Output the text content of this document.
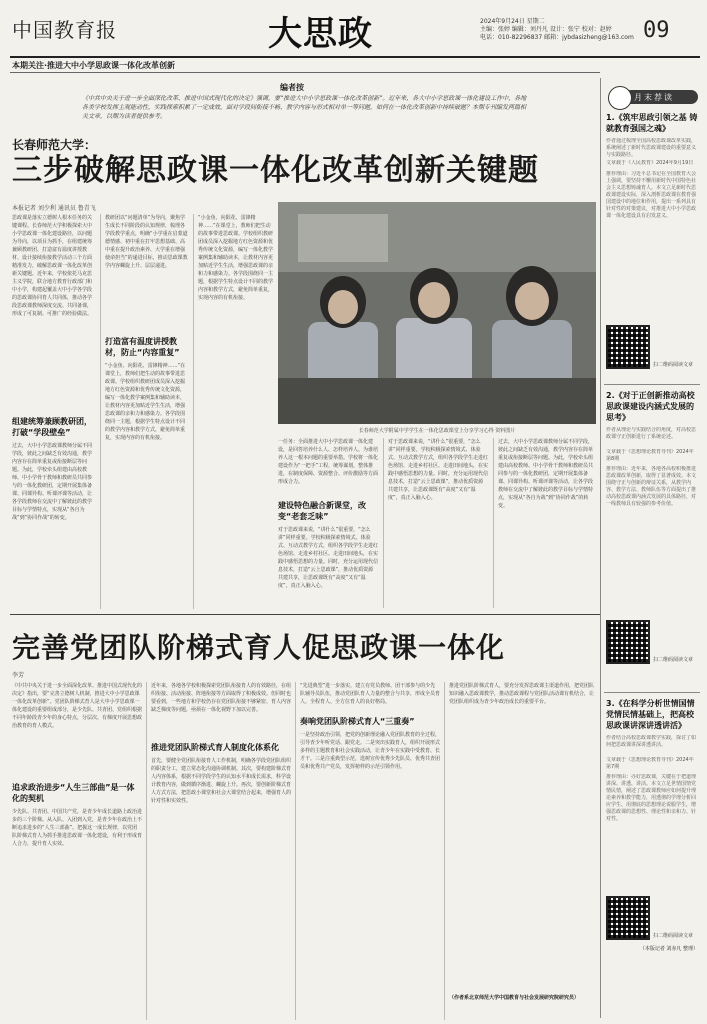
中国教育报	大思政	2024年9月24日 星期二
主编：张婷 编辑：刘丹凡 设计：张宁 校对：赵婷
电话：010-82296837 邮箱：jybdasizheng@163.com 09
本期关注·推进大中小学思政课一体化改革创新
编者按
《中共中央关于进一步全面深化改革、推进中国式现代化的决定》强调，要“推进大中小学思政课一体化改革创新”。近年来，各大中小学思政课一体化建设工作中，各地各类学校发挥主观能动性，实践探索积累了一定成效，面对学段间衔接不畅、教学内容与形式相对单一等问题，如何在一体化改革创新中持续破题？本期专刊编发两篇相关文章，以期为读者提供参考。
长春师范大学：
三步破解思政课一体化改革创新关键题
本报记者 刘少利 通讯员 鲁青飞
思政课是落实立德树人根本任务的关键课程。长春师范大学积极探索大中小学思政课一体化建设路径，以问题为导向，以项目为抓手，在组建统筹兼顾教研团、打造富有温度讲授教材、设计接续衔接教学活动三个方面精准发力，破解思政课一体化改革创新关键题。近年来，学校依托马克思主义学院，联合地方教育行政部门和中小学，构建起覆盖大中小学各学段的思政课协同育人共同体，推动各学段思政课教师深度交流、共同备课，形成了可复制、可推广的经验做法。
组建统筹兼顾教研团，打破“学段壁垒”
过去，大中小学思政课教师分属不同学段，彼此之间缺乏有效沟通，教学内容存在简单重复或衔接断层等问题。为此，学校牵头组建由高校教师、中小学骨干教师和教研员共同参与的一体化教研团，定期开展集体备课、同课异构、听课评课等活动，让各学段教师在交流中了解彼此的教学目标与学情特点，实现从“各自为战”到“协同作战”的转变。
教研团以“问题清单”为导向，聚焦学生成长不同阶段的认知规律，梳理各学段教学重点，明确“小学重在启蒙道德情感、初中重在打牢思想基础、高中重在提升政治素养、大学重在增强使命担当”的递进目标，推动思政课教学内容螺旋上升、层层递进。
打造富有温度讲授教材，防止“内容重复”
“小金鱼、向阳花、雷锋精神……”在课堂上，教师们把生动的故事带进思政课。学校组织教研团成员深入挖掘地方红色资源和优秀传统文化资源，编写一体化教学案例集和辅助读本，让教材内容更加贴近学生生活，增强思政课的亲和力和感染力。各学段围绕同一主题，根据学生特点设计不同的教学内容和教学方式，避免简单重复，实现内容的有机衔接。
“小金鱼、向阳花、雷锋精神……”在课堂上，教师们把生动的故事带进思政课。学校组织教研团成员深入挖掘地方红色资源和优秀传统文化资源，编写一体化教学案例集和辅助读本，让教材内容更加贴近学生生活，增强思政课的亲和力和感染力。各学段围绕同一主题，根据学生特点设计不同的教学内容和教学方式，避免简单重复，实现内容的有机衔接。
长春师范大学附属中学学生在一体化思政课堂上分享学习心得 资料图片
一任务：全面推进大中小学思政课一体化建设，是回答培养什么人、怎样培养人、为谁培养人这一根本问题的重要举措。学校将一体化建设作为“一把手”工程，统筹谋划，整体推进，在制度保障、资源整合、评价激励等方面形成合力。
建设特色融合新课堂，改变“老套乏味”
对于思政课来说，“讲什么”很重要，“怎么讲”同样重要。学校积极探索情境式、体验式、互动式教学方式，组织各学段学生走进红色场馆、走进乡村社区、走进田间地头，在实践中感悟思想的力量。同时，充分运用现代信息技术，打造“云上思政课”，推动优质资源共建共享，让思政课既有“高度”又有“温度”，真正入脑入心。
对于思政课来说，“讲什么”很重要，“怎么讲”同样重要。学校积极探索情境式、体验式、互动式教学方式，组织各学段学生走进红色场馆、走进乡村社区、走进田间地头，在实践中感悟思想的力量。同时，充分运用现代信息技术，打造“云上思政课”，推动优质资源共建共享，让思政课既有“高度”又有“温度”，真正入脑入心。
过去，大中小学思政课教师分属不同学段，彼此之间缺乏有效沟通，教学内容存在简单重复或衔接断层等问题。为此，学校牵头组建由高校教师、中小学骨干教师和教研员共同参与的一体化教研团，定期开展集体备课、同课异构、听课评课等活动，让各学段教师在交流中了解彼此的教学目标与学情特点，实现从“各自为战”到“协同作战”的转变。
完善党团队阶梯式育人促思政课一体化
李芳
《中共中央关于进一步全面深化改革、推进中国式现代化的决定》指出，要“完善立德树人机制，推进大中小学思政课一体化改革创新”。党团队阶梯式育人是大中小学思政课一体化建设的重要组成部分，是少先队、共青团、党组织根据不同年龄段青少年的身心特点，分层次、有梯度开展思想政治教育的育人模式。
追求政治进步“人生三部曲”是一体化的契机
少先队、共青团、中国共产党，是青少年成长道路上政治进步的三个阶梯。从入队、入团到入党，是青少年在政治上不断追求进步的“人生三部曲”。把握这一成长规律，以党团队阶梯式育人为抓手推进思政课一体化建设，有利于形成育人合力，提升育人实效。
近年来，各地各学校积极探索党团队衔接育人的有效路径，在组织衔接、活动衔接、阵地衔接等方面取得了积极成效。但同时也要看到，一些地方和学校仍存在党团队衔接不够紧密、育人内容缺乏梯度等问题，亟须在一体化视野下加以完善。
推进党团队阶梯式育人制度化体系化
首先，要健全党团队衔接育人工作机制，明确各学段党团队组织的职责分工，建立常态化沟通协调机制。其次，要构建阶梯式育人内容体系，根据不同学段学生的认知水平和成长需求，科学设计教育内容，做到循序渐进、螺旋上升。再次，要创新阶梯式育人方式方法，把思政小课堂和社会大课堂结合起来，增强育人的针对性和实效性。
“先进典型”进一步落实，建立有党员教师、团干部参与的少先队辅导员队伍，推动党团队育人力量的整合与共享，形成全员育人、全程育人、全方位育人的良好格局。
奏响党团队阶梯式育人“三重奏”
一是坚持政治引领，把党的创新理论融入党团队教育的全过程，引导青少年听党话、跟党走。二是突出实践育人，组织开展形式多样的主题教育和社会实践活动，让青少年在实践中受教育、长才干。三是注重典型示范，选树宣传优秀少先队员、优秀共青团员和优秀共产党员，发挥榜样的示范引领作用。
推进党团队阶梯式育人，要充分发挥思政课主渠道作用，把党团队知识融入思政课教学，推动思政课程与党团队活动课有机结合，让党团队组织成为青少年政治成长的重要平台。
（作者系北京师范大学中国教育与社会发展研究院研究员）
月末荐读
1.《筑牢思政引领之基 铸就教育强国之魂》
作者通过梳理全国高校思政课改革实践，系统阐述了新时代思政课建设的重要意义与实践路径。
文章载于《人民教育》2024年9月19日
推荐理由：习近平总书记在全国教育大会上强调，要坚持不懈用新时代中国特色社会主义思想铸魂育人。本文立足新时代思政课建设实际，深入剖析思政课在教育强国建设中的地位和作用，提出一系列具有针对性的对策建议，对推进大中小学思政课一体化建设具有启发意义。
扫二维码阅读文章
2.《对于正创新推动高校思政课建设内涵式发展的思考》
作者从理论与实践结合的角度，对高校思政课守正创新进行了系统论述。
文章载于《思想理论教育导刊》2024年第8期
推荐理由：近年来，各地各高校积极推进思政课改革创新，取得了显著成效。本文围绕守正与创新的辩证关系，从教学内容、教学方法、教师队伍等方面提出了推动高校思政课内涵式发展的具体路径，对一线教师具有较强的参考价值。
扫二维码阅读文章
3.《在科学分析世情国情党情民情基础上，把高校思政课讲深讲透讲活》
作者结合高校思政课教学实践，探讨了如何把思政课讲深讲透讲活。
文章载于《思想理论教育导刊》2024年第7期
推荐理由：办好思政课，关键在于把道理讲深、讲透、讲活。本文立足世情国情党情民情，阐述了思政课教师应如何提升理论素养和教学能力，用透彻的学理分析回应学生、用彻底的思想理论说服学生，增强思政课的思想性、理论性和亲和力、针对性。
扫二维码阅读文章
（本版记者 刘赤凡 整理）
